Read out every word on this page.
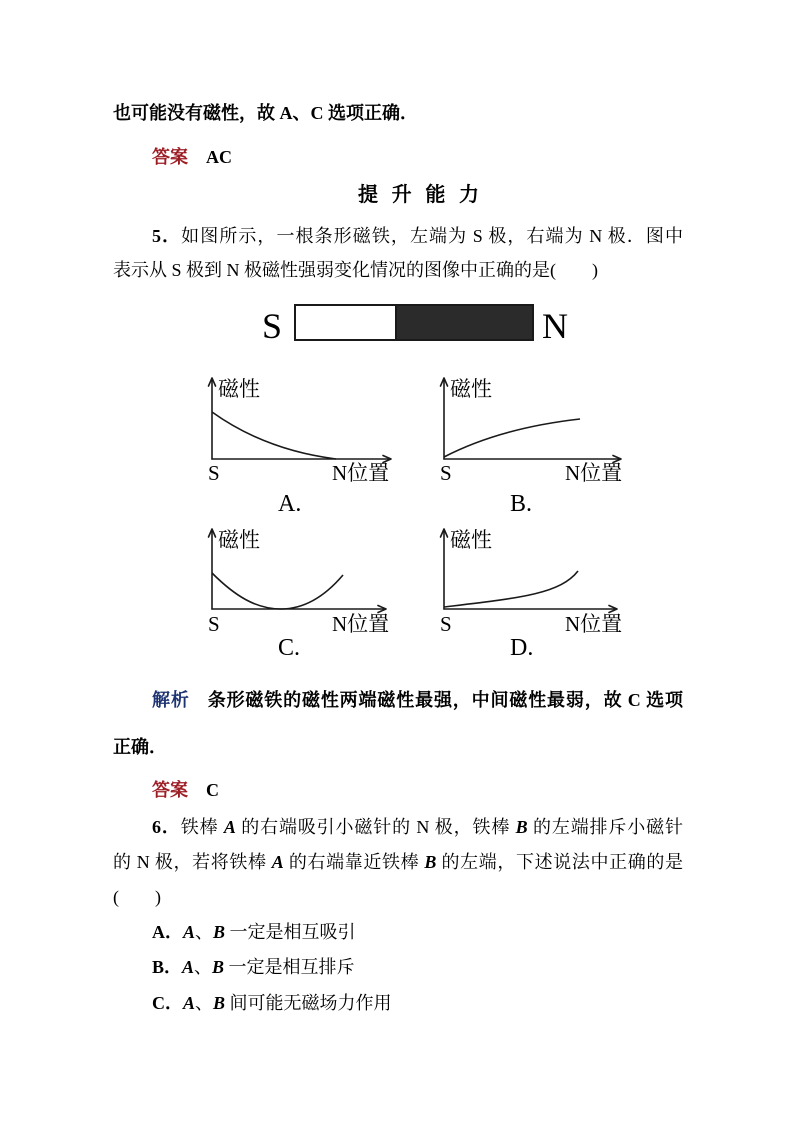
S	N
磁性
S	N位置
A.
磁性
S	N位置
B.
磁性
S	N位置
C.
磁性
S	N位置
D.
也可能没有磁性，故 A、C 选项正确．
答案 AC
提 升 能 力
5．如图所示，一根条形磁铁，左端为 S 极，右端为 N 极．图中
表示从 S 极到 N 极磁性强弱变化情况的图像中正确的是(　　)
解析 条形磁铁的磁性两端磁性最强，中间磁性最弱，故 C 选项
正确．
答案 C
6．铁棒 A 的右端吸引小磁针的 N 极，铁棒 B 的左端排斥小磁针
的 N 极，若将铁棒 A 的右端靠近铁棒 B 的左端，下述说法中正确的是
(　　)
A．A、B 一定是相互吸引
B．A、B 一定是相互排斥
C．A、B 间可能无磁场力作用
